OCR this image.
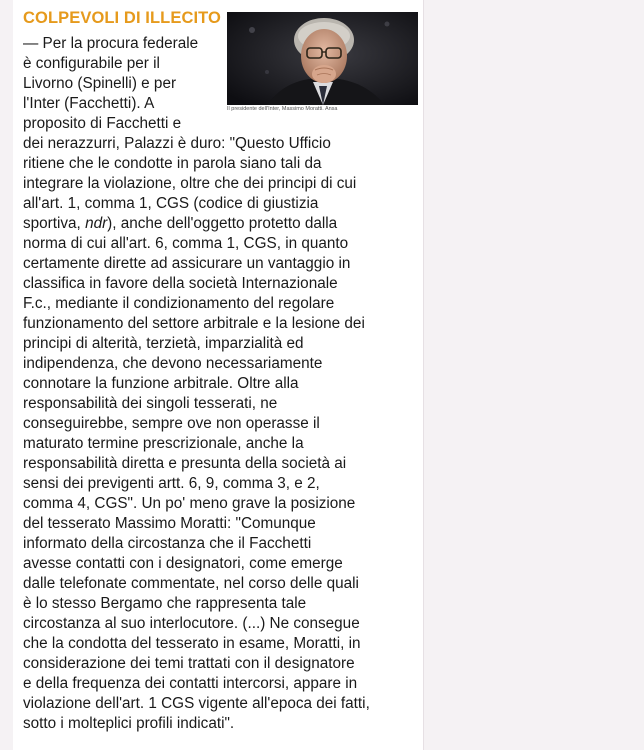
COLPEVOLI DI ILLECITO
Il presidente dell'Inter, Massimo Moratti. Ansa

— Per la procura federale

è configurabile per il

Livorno (Spinelli) e per

l'Inter (Facchetti). A

proposito di Facchetti e

dei nerazzurri, Palazzi è duro: "Questo Ufficio

ritiene che le condotte in parola siano tali da

integrare la violazione, oltre che dei principi di cui

all'art. 1, comma 1, CGS (codice di giustizia

sportiva, ndr), anche dell'oggetto protetto dalla

norma di cui all'art. 6, comma 1, CGS, in quanto

certamente dirette ad assicurare un vantaggio in

classifica in favore della società Internazionale

F.c., mediante il condizionamento del regolare

funzionamento del settore arbitrale e la lesione dei

principi di alterità, terzietà, imparzialità ed

indipendenza, che devono necessariamente

connotare la funzione arbitrale. Oltre alla

responsabilità dei singoli tesserati, ne

conseguirebbe, sempre ove non operasse il

maturato termine prescrizionale, anche la

responsabilità diretta e presunta della società ai

sensi dei previgenti artt. 6, 9, comma 3, e 2,

comma 4, CGS". Un po' meno grave la posizione

del tesserato Massimo Moratti: "Comunque

informato della circostanza che il Facchetti

avesse contatti con i designatori, come emerge

dalle telefonate commentate, nel corso delle quali

è lo stesso Bergamo che rappresenta tale

circostanza al suo interlocutore. (...) Ne consegue

che la condotta del tesserato in esame, Moratti, in

considerazione dei temi trattati con il designatore

e della frequenza dei contatti intercorsi, appare in

violazione dell'art. 1 CGS vigente all'epoca dei fatti,

sotto i molteplici profili indicati".
